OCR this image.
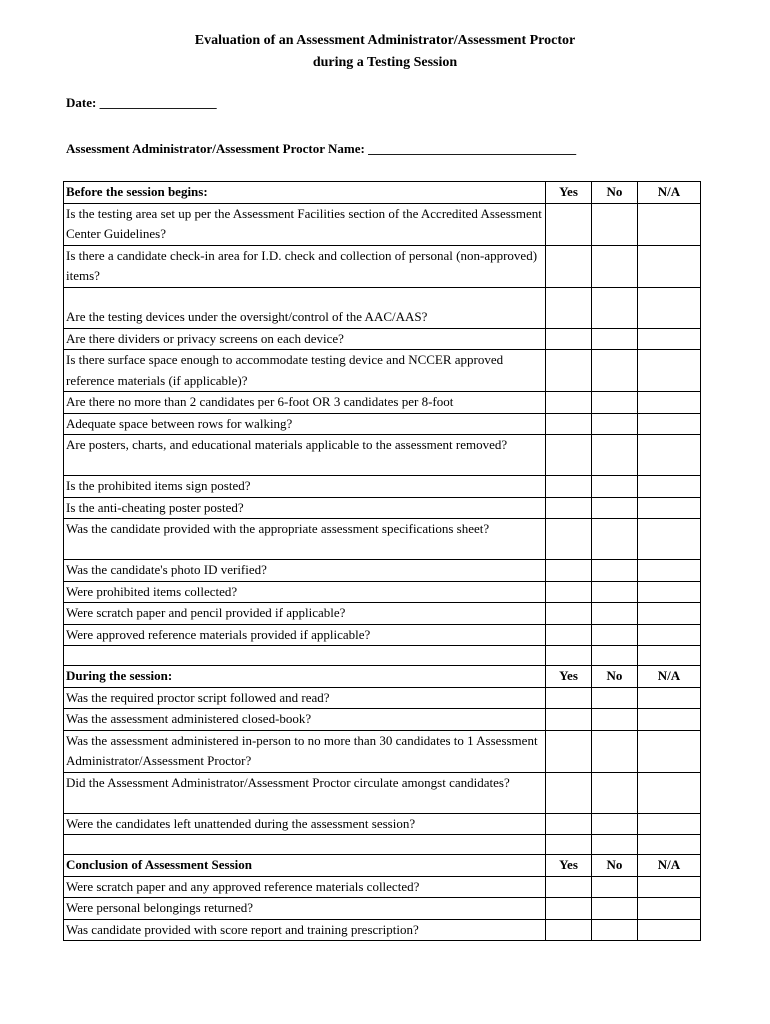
Evaluation of an Assessment Administrator/Assessment Proctor
during a Testing Session
Date: __________________
Assessment Administrator/Assessment Proctor Name: ________________________________
Before the session begins:	Yes	No	N/A
Is the testing area set up per the Assessment Facilities section of the Accredited Assessment Center Guidelines?			
Is there a candidate check-in area for I.D. check and collection of personal (non-approved) items?			
Are the testing devices under the oversight/control of the AAC/AAS?			
Are there dividers or privacy screens on each device?			
Is there surface space enough to accommodate testing device and NCCER approved reference materials (if applicable)?			
Are there no more than 2 candidates per 6-foot OR 3 candidates per 8-foot			
Adequate space between rows for walking?			
Are posters, charts, and educational materials applicable to the assessment removed?			
Is the prohibited items sign posted?			
Is the anti-cheating poster posted?			
Was the candidate provided with the appropriate assessment specifications sheet?			
Was the candidate's photo ID verified?			
Were prohibited items collected?			
Were scratch paper and pencil provided if applicable?			
Were approved reference materials provided if applicable?			

During the session:	Yes	No	N/A
Was the required proctor script followed and read?			
Was the assessment administered closed-book?			
Was the assessment administered in-person to no more than 30 candidates to 1 Assessment Administrator/Assessment Proctor?			
Did the Assessment Administrator/Assessment Proctor circulate amongst candidates?			
Were the candidates left unattended during the assessment session?			

Conclusion of Assessment Session	Yes	No	N/A
Were scratch paper and any approved reference materials collected?			
Were personal belongings returned?			
Was candidate provided with score report and training prescription?			
